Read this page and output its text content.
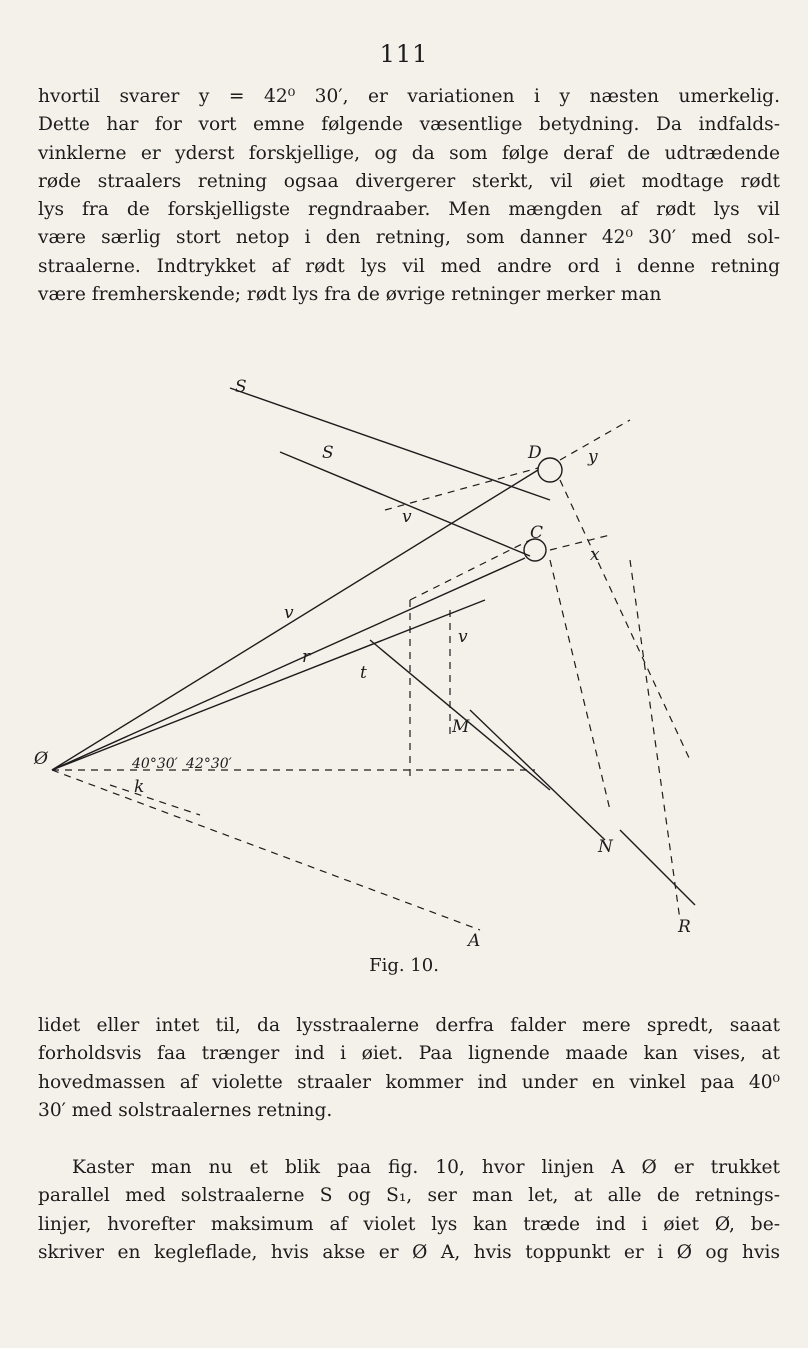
111
hvortil svarer y = 42⁰ 30′, er variationen i y næsten umerkelig.
Dette har for vort emne følgende væsentlige betydning. Da indfalds-
vinklerne er yderst forskjellige, og da som følge deraf de udtrædende
røde straalers retning ogsaa divergerer sterkt, vil øiet modtage rødt
lys fra de forskjelligste regndraaber. Men mængden af rødt lys vil
være særlig stort netop i den retning, som danner 42⁰ 30′ med sol-
straalerne. Indtrykket af rødt lys vil med andre ord i denne retning
være fremherskende; rødt lys fra de øvrige retninger merker man
Ø
S
S	D
C
y
x
v
v
v
r
t
M
N
k
A
R
40°30′ 42°30′
Fig. 10.
lidet eller intet til, da lysstraalerne derfra falder mere spredt, saaat
forholdsvis faa trænger ind i øiet. Paa lignende maade kan vises, at
hovedmassen af violette straaler kommer ind under en vinkel paa 40⁰
30′ med solstraalernes retning.
Kaster man nu et blik paa fig. 10, hvor linjen A Ø er trukket
parallel med solstraalerne S og S₁, ser man let, at alle de retnings-
linjer, hvorefter maksimum af violet lys kan træde ind i øiet Ø, be-
skriver en kegleflade, hvis akse er Ø A, hvis toppunkt er i Ø og hvis
